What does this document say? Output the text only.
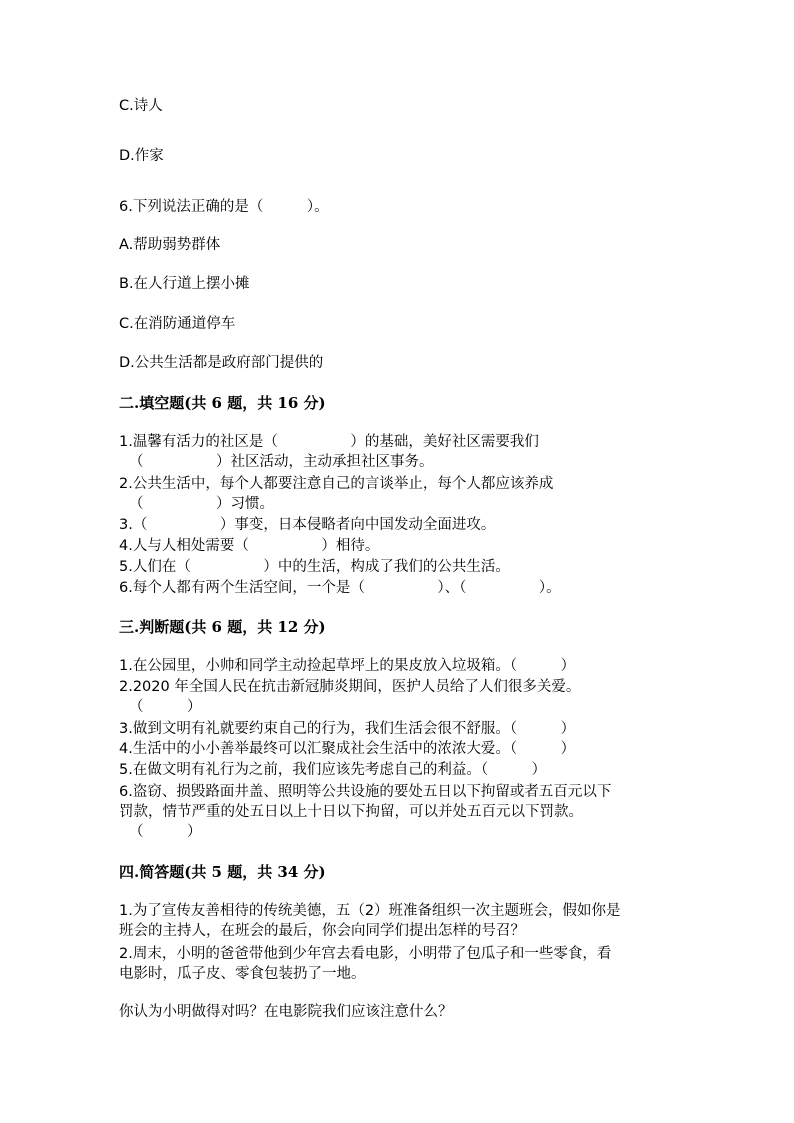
C.诗人

D.作家

6.下列说法正确的是（　　　）。

A.帮助弱势群体

B.在人行道上摆小摊

C.在消防通道停车

D.公共生活都是政府部门提供的

二.填空题(共 6 题，共 16 分)

1.温馨有活力的社区是（　　　　　）的基础，美好社区需要我们

（　　　　　）社区活动，主动承担社区事务。

2.公共生活中，每个人都要注意自己的言谈举止，每个人都应该养成

（　　　　　）习惯。

3.（　　　　　）事变，日本侵略者向中国发动全面进攻。

4.人与人相处需要（　　　　　）相待。

5.人们在（　　　　　）中的生活，构成了我们的公共生活。

6.每个人都有两个生活空间，一个是（　　　　　）、（　　　　　）。

三.判断题(共 6 题，共 12 分)

1.在公园里，小帅和同学主动捡起草坪上的果皮放入垃圾箱。（　　　）

2.2020 年全国人民在抗击新冠肺炎期间，医护人员给了人们很多关爱。

（　　　）

3.做到文明有礼就要约束自己的行为，我们生活会很不舒服。（　　　）

4.生活中的小小善举最终可以汇聚成社会生活中的浓浓大爱。（　　　）

5.在做文明有礼行为之前，我们应该先考虑自己的利益。（　　　）

6.盗窃、损毁路面井盖、照明等公共设施的要处五日以下拘留或者五百元以下

罚款，情节严重的处五日以上十日以下拘留，可以并处五百元以下罚款。

（　　　）

四.简答题(共 5 题，共 34 分)

1.为了宣传友善相待的传统美德，五（2）班准备组织一次主题班会，假如你是

班会的主持人，在班会的最后，你会向同学们提出怎样的号召？

2.周末，小明的爸爸带他到少年宫去看电影，小明带了包瓜子和一些零食，看

电影时，瓜子皮、零食包装扔了一地。

你认为小明做得对吗？在电影院我们应该注意什么？
